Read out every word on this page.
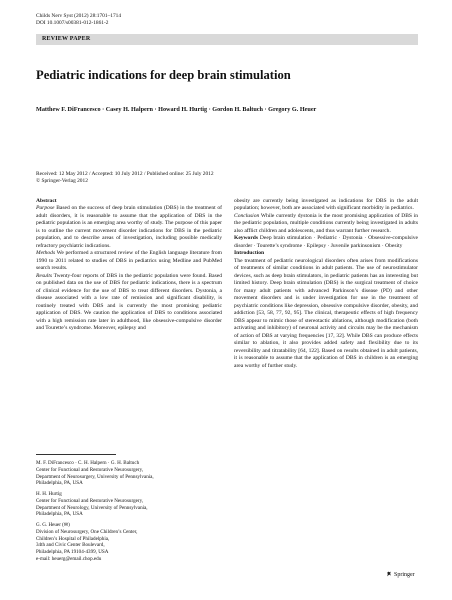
Childs Nerv Syst (2012) 28:1701–1714
DOI 10.1007/s00381-012-1861-2
REVIEW PAPER
Pediatric indications for deep brain stimulation
Matthew F. DiFrancesco · Casey H. Halpern · Howard H. Hurtig · Gordon H. Baltuch · Gregory G. Heuer
Received: 12 May 2012 / Accepted: 10 July 2012 / Published online: 25 July 2012
© Springer-Verlag 2012

Abstract

Purpose Based on the success of deep brain stimulation (DBS) in the treatment of adult disorders, it is reasonable to assume that the application of DBS in the pediatric population is an emerging area worthy of study. The purpose of this paper is to outline the current movement disorder indications for DBS in the pediatric population, and to describe areas of investigation, including possible medically refractory psychiatric indications.

Methods We performed a structured review of the English language literature from 1990 to 2011 related to studies of DBS in pediatrics using Medline and PubMed search results.

Results Twenty-four reports of DBS in the pediatric population were found. Based on published data on the use of DBS for pediatric indications, there is a spectrum of clinical evidence for the use of DBS to treat different disorders. Dystonia, a disease associated with a low rate of remission and significant disability, is routinely treated with DBS and is currently the most promising pediatric application of DBS. We caution the application of DBS to conditions associated with a high remission rate later in adulthood, like obsessive-compulsive disorder and Tourette’s syndrome. Moreover, epilepsy and

M. F. DiFrancesco · C. H. Halpern · G. H. Baltuch
Center for Functional and Restorative Neurosurgery,
Department of Neurosurgery, University of Pennsylvania,
Philadelphia, PA, USA
H. H. Hurtig
Center for Functional and Restorative Neurosurgery,
Department of Neurology, University of Pennsylvania,
Philadelphia, PA, USA
G. G. Heuer (✉)
Division of Neurosurgery, One Children’s Center,
Children’s Hospital of Philadelphia,
34th and Civic Center Boulevard,
Philadelphia, PA 19104-4399, USA
e-mail: heuerg@email.chop.edu

obesity are currently being investigated as indications for DBS in the adult population; however, both are associated with significant morbidity in pediatrics.

Conclusion While currently dystonia is the most promising application of DBS in the pediatric population, multiple conditions currently being investigated in adults also afflict children and adolescents, and thus warrant further research.

Keywords Deep brain stimulation · Pediatric · Dystonia · Obsessive-compulsive disorder · Tourette’s syndrome · Epilepsy · Juvenile parkinsonism · Obesity

Introduction

The treatment of pediatric neurological disorders often arises from modifications of treatments of similar conditions in adult patients. The use of neurostimulator devices, such as deep brain stimulators, in pediatric patients has an interesting but limited history. Deep brain stimulation (DBS) is the surgical treatment of choice for many adult patients with advanced Parkinson’s disease (PD) and other movement disorders and is under investigation for use in the treatment of psychiatric conditions like depression, obsessive compulsive disorder, obesity, and addiction [53, 58, 77, 92, 95]. The clinical, therapeutic effects of high frequency DBS appear to mimic those of stereotactic ablations, although modification (both activating and inhibitory) of neuronal activity and circuits may be the mechanism of action of DBS at varying frequencies [17, 32]. While DBS can produce effects similar to ablation, it also provides added safety and flexibility due to its reversibility and titratability [64, 122]. Based on results obtained in adult patients, it is reasonable to assume that the application of DBS in children is an emerging area worthy of further study.

Springer
